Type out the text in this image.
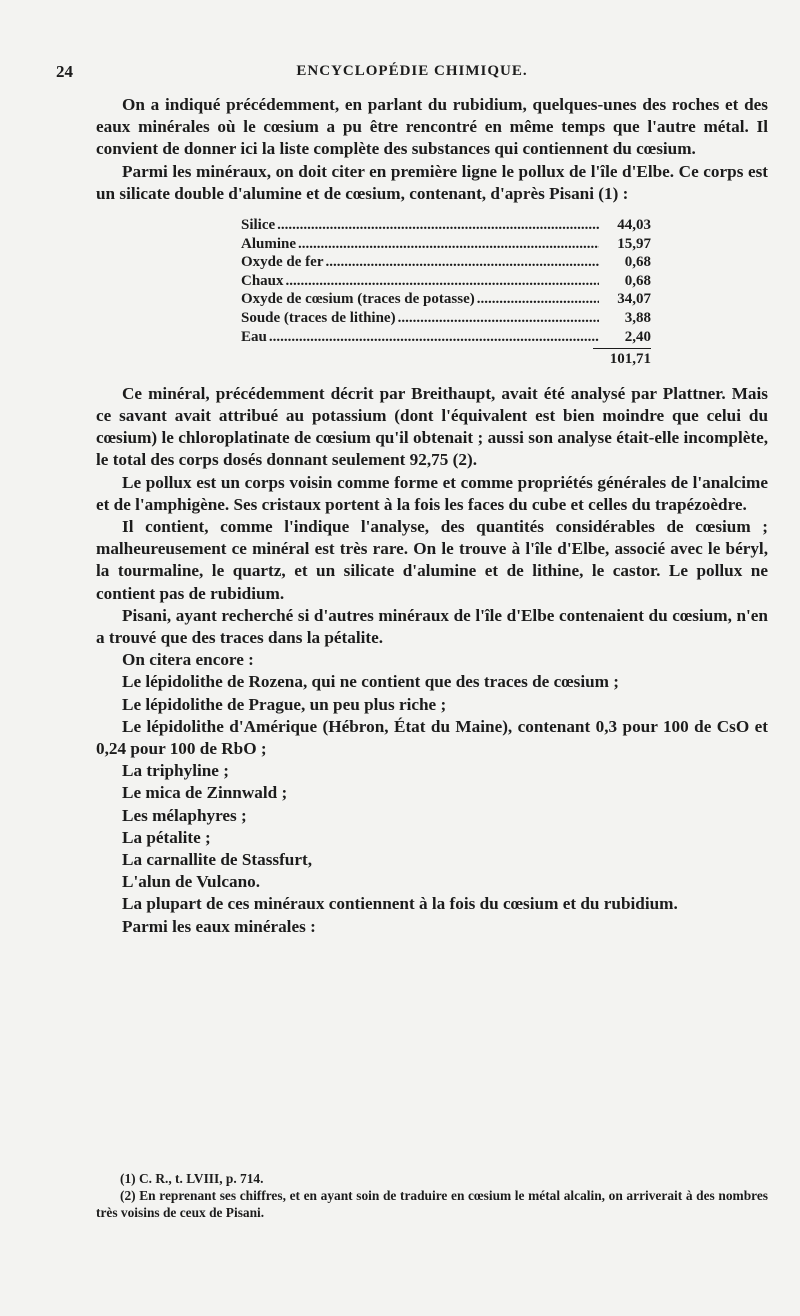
24	ENCYCLOPÉDIE CHIMIQUE.

On a indiqué précédemment, en parlant du rubidium, quelques-unes des roches et des eaux minérales où le cœsium a pu être rencontré en même temps que l'autre métal. Il convient de donner ici la liste complète des substances qui contiennent du cœsium.

Parmi les minéraux, on doit citer en première ligne le pollux de l'île d'Elbe. Ce corps est un silicate double d'alumine et de cœsium, contenant, d'après Pisani (1) :

Silice .....	44,03
Alumine .....	15,97
Oxyde de fer .....	0,68
Chaux .....	0,68
Oxyde de cœsium (traces de potasse) .....	34,07
Soude (traces de lithine) .....	3,88
Eau .....	2,40
101,71

Ce minéral, précédemment décrit par Breithaupt, avait été analysé par Plattner. Mais ce savant avait attribué au potassium (dont l'équivalent est bien moindre que celui du cœsium) le chloroplatinate de cœsium qu'il obtenait ; aussi son analyse était-elle incomplète, le total des corps dosés donnant seulement 92,75 (2).

Le pollux est un corps voisin comme forme et comme propriétés générales de l'analcime et de l'amphigène. Ses cristaux portent à la fois les faces du cube et celles du trapézoèdre.

Il contient, comme l'indique l'analyse, des quantités considérables de cœsium ; malheureusement ce minéral est très rare. On le trouve à l'île d'Elbe, associé avec le béryl, la tourmaline, le quartz, et un silicate d'alumine et de lithine, le castor. Le pollux ne contient pas de rubidium.

Pisani, ayant recherché si d'autres minéraux de l'île d'Elbe contenaient du cœsium, n'en a trouvé que des traces dans la pétalite.

On citera encore :

Le lépidolithe de Rozena, qui ne contient que des traces de cœsium ;

Le lépidolithe de Prague, un peu plus riche ;

Le lépidolithe d'Amérique (Hébron, État du Maine), contenant 0,3 pour 100 de CsO et 0,24 pour 100 de RbO ;

La triphyline ;

Le mica de Zinnwald ;

Les mélaphyres ;

La pétalite ;

La carnallite de Stassfurt,

L'alun de Vulcano.

La plupart de ces minéraux contiennent à la fois du cœsium et du rubidium.

Parmi les eaux minérales :

(1) C. R., t. LVIII, p. 714.

(2) En reprenant ses chiffres, et en ayant soin de traduire en cœsium le métal alcalin, on arriverait à des nombres très voisins de ceux de Pisani.
